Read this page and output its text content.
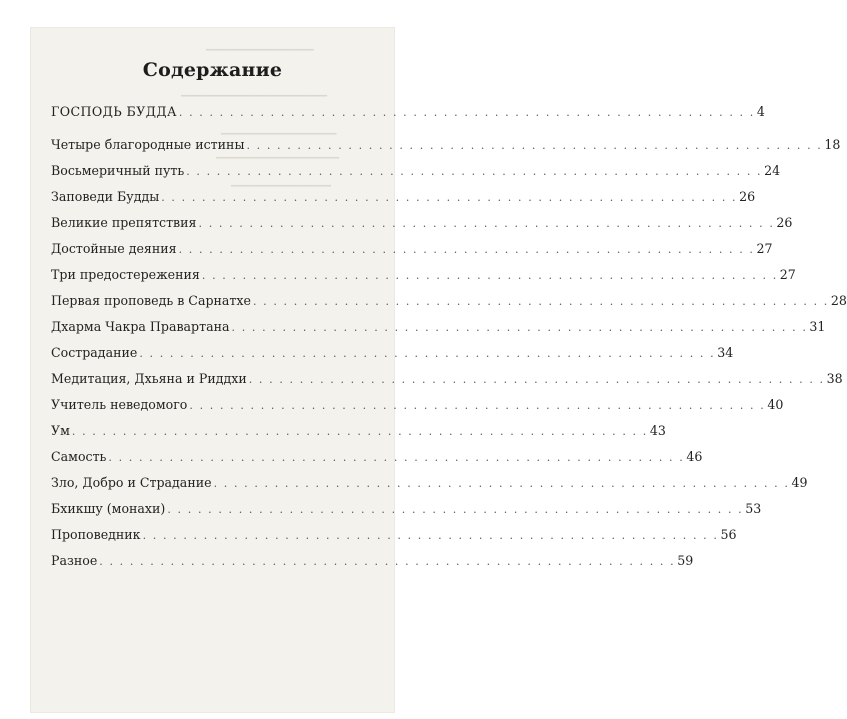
▁▁▁▁▁▁▁▁▁▁▁▁▁▁
▁▁▁▁▁▁▁▁▁▁▁▁▁▁▁▁▁▁▁
▁▁▁▁▁▁▁▁▁▁▁▁▁▁▁
▁▁▁▁▁▁▁▁▁▁▁▁▁▁▁▁
▁▁▁▁▁▁▁▁▁▁▁▁▁
Содержание
ГОСПОДЬ БУДДА . . . . . . . . . . . . . . . . . . . . . . . . . . . . . . . . . . . . . . . . . . . . . . . . . . . . . . . . . 4
Четыре благородные истины . . . . . . . . . . . . . . . . . . . . . . . . . . . . . . . . . . . . . . . . . . . . . . . . . . . . . . . . . 18
Восьмеричный путь . . . . . . . . . . . . . . . . . . . . . . . . . . . . . . . . . . . . . . . . . . . . . . . . . . . . . . . . . 24
Заповеди Будды . . . . . . . . . . . . . . . . . . . . . . . . . . . . . . . . . . . . . . . . . . . . . . . . . . . . . . . . . 26
Великие препятствия . . . . . . . . . . . . . . . . . . . . . . . . . . . . . . . . . . . . . . . . . . . . . . . . . . . . . . . . . 26
Достойные деяния . . . . . . . . . . . . . . . . . . . . . . . . . . . . . . . . . . . . . . . . . . . . . . . . . . . . . . . . . 27
Три предостережения . . . . . . . . . . . . . . . . . . . . . . . . . . . . . . . . . . . . . . . . . . . . . . . . . . . . . . . . . 27
Первая проповедь в Сарнатхе . . . . . . . . . . . . . . . . . . . . . . . . . . . . . . . . . . . . . . . . . . . . . . . . . . . . . . . . . 28
Дхарма Чакра Правартана . . . . . . . . . . . . . . . . . . . . . . . . . . . . . . . . . . . . . . . . . . . . . . . . . . . . . . . . . 31
Сострадание . . . . . . . . . . . . . . . . . . . . . . . . . . . . . . . . . . . . . . . . . . . . . . . . . . . . . . . . . 34
Медитация, Дхьяна и Риддхи . . . . . . . . . . . . . . . . . . . . . . . . . . . . . . . . . . . . . . . . . . . . . . . . . . . . . . . . . 38
Учитель неведомого . . . . . . . . . . . . . . . . . . . . . . . . . . . . . . . . . . . . . . . . . . . . . . . . . . . . . . . . . 40
Ум . . . . . . . . . . . . . . . . . . . . . . . . . . . . . . . . . . . . . . . . . . . . . . . . . . . . . . . . . 43
Самость . . . . . . . . . . . . . . . . . . . . . . . . . . . . . . . . . . . . . . . . . . . . . . . . . . . . . . . . . 46
Зло, Добро и Страдание . . . . . . . . . . . . . . . . . . . . . . . . . . . . . . . . . . . . . . . . . . . . . . . . . . . . . . . . . 49
Бхикшу (монахи) . . . . . . . . . . . . . . . . . . . . . . . . . . . . . . . . . . . . . . . . . . . . . . . . . . . . . . . . . 53
Проповедник . . . . . . . . . . . . . . . . . . . . . . . . . . . . . . . . . . . . . . . . . . . . . . . . . . . . . . . . . 56
Разное . . . . . . . . . . . . . . . . . . . . . . . . . . . . . . . . . . . . . . . . . . . . . . . . . . . . . . . . . 59
